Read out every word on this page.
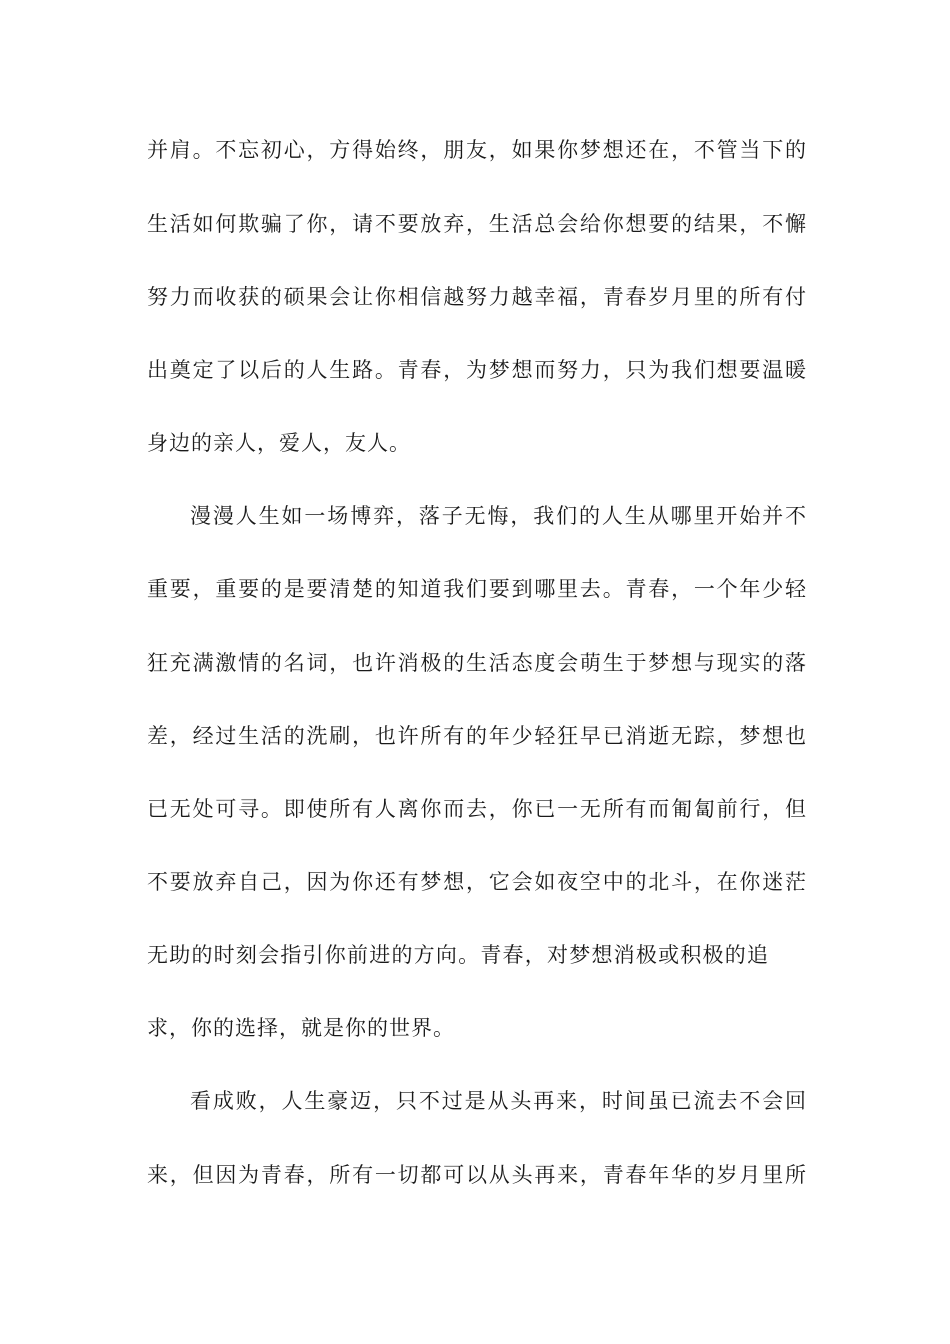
并肩。不忘初心，方得始终，朋友，如果你梦想还在，不管当下的
生活如何欺骗了你，请不要放弃，生活总会给你想要的结果，不懈
努力而收获的硕果会让你相信越努力越幸福，青春岁月里的所有付
出奠定了以后的人生路。青春，为梦想而努力，只为我们想要温暖
身边的亲人，爱人，友人。
漫漫人生如一场博弈，落子无悔，我们的人生从哪里开始并不
重要，重要的是要清楚的知道我们要到哪里去。青春，一个年少轻
狂充满激情的名词，也许消极的生活态度会萌生于梦想与现实的落
差，经过生活的洗刷，也许所有的年少轻狂早已消逝无踪，梦想也
已无处可寻。即使所有人离你而去，你已一无所有而匍匐前行，但
不要放弃自己，因为你还有梦想，它会如夜空中的北斗，在你迷茫
无助的时刻会指引你前进的方向。青春，对梦想消极或积极的追
求，你的选择，就是你的世界。
看成败，人生豪迈，只不过是从头再来，时间虽已流去不会回
来，但因为青春，所有一切都可以从头再来，青春年华的岁月里所
